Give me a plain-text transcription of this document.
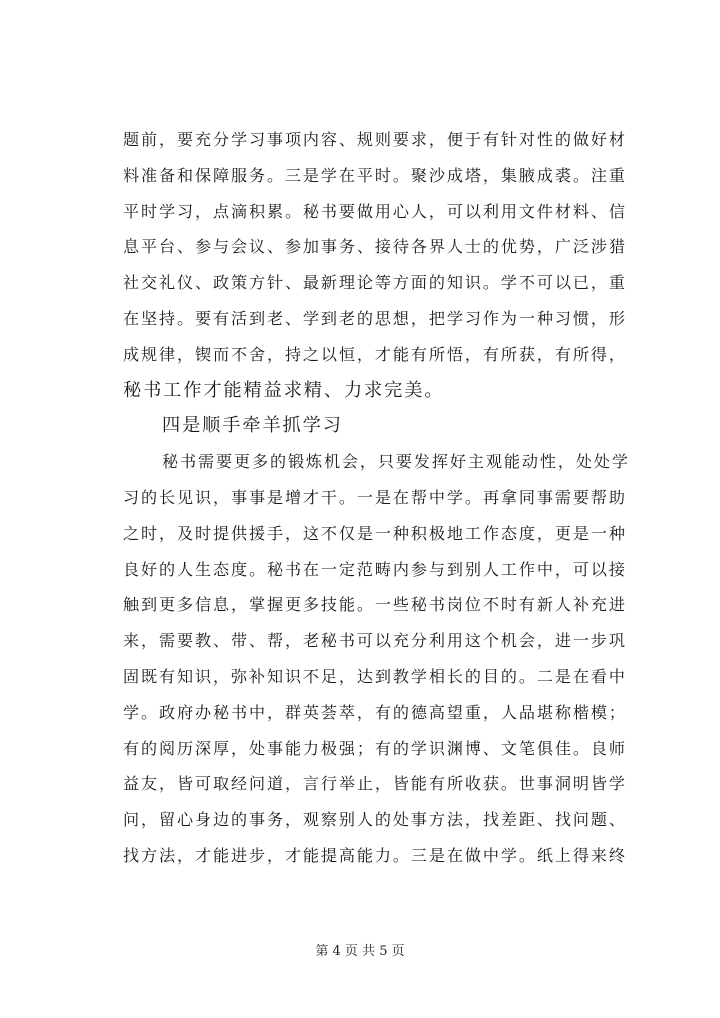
题前，要充分学习事项内容、规则要求，便于有针对性的做好材
料准备和保障服务。三是学在平时。聚沙成塔，集腋成裘。注重
平时学习，点滴积累。秘书要做用心人，可以利用文件材料、信
息平台、参与会议、参加事务、接待各界人士的优势，广泛涉猎
社交礼仪、政策方针、最新理论等方面的知识。学不可以已，重
在坚持。要有活到老、学到老的思想，把学习作为一种习惯，形
成规律，锲而不舍，持之以恒，才能有所悟，有所获，有所得，
秘书工作才能精益求精、力求完美。
四是顺手牵羊抓学习
秘书需要更多的锻炼机会，只要发挥好主观能动性，处处学
习的长见识，事事是增才干。一是在帮中学。再拿同事需要帮助
之时，及时提供援手，这不仅是一种积极地工作态度，更是一种
良好的人生态度。秘书在一定范畴内参与到别人工作中，可以接
触到更多信息，掌握更多技能。一些秘书岗位不时有新人补充进
来，需要教、带、帮，老秘书可以充分利用这个机会，进一步巩
固既有知识，弥补知识不足，达到教学相长的目的。二是在看中
学。政府办秘书中，群英荟萃，有的德高望重，人品堪称楷模；
有的阅历深厚，处事能力极强；有的学识渊博、文笔俱佳。良师
益友，皆可取经问道，言行举止，皆能有所收获。世事洞明皆学
问，留心身边的事务，观察别人的处事方法，找差距、找问题、
找方法，才能进步，才能提高能力。三是在做中学。纸上得来终
第 4 页 共 5 页
